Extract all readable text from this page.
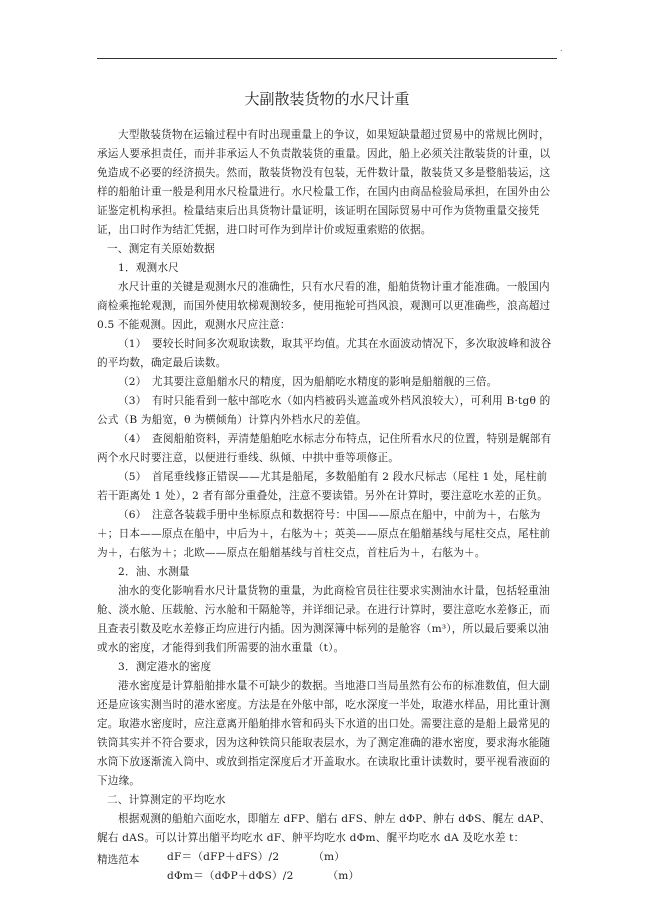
.
大副散装货物的水尺计重

大型散装货物在运输过程中有时出现重量上的争议，如果短缺量超过贸易中的常规比例时，承运人要承担责任，而并非承运人不负责散装货的重量。因此，船上必须关注散装货的计重，以免造成不必要的经济损失。然而，散装货物没有包装，无件数计量，散装货又多是整船装运，这样的船舶计重一般是利用水尺检量进行。水尺检量工作，在国内由商品检验局承担，在国外由公证鉴定机构承担。检量结束后出具货物计量证明，该证明在国际贸易中可作为货物重量交接凭证，出口时作为结汇凭据，进口时可作为到岸计价或短重索赔的依据。

一、测定有关原始数据

1．观测水尺

水尺计重的关键是观测水尺的准确性，只有水尺看的准，船舶货物计重才能准确。一般国内商检乘拖轮观测，而国外使用软梯观测较多，使用拖轮可挡风浪，观测可以更准确些，浪高超过 0.5 不能观测。因此，观测水尺应注意：

（1）　要较长时间多次观取读数，取其平均值。尤其在水面波动情况下，多次取波峰和波谷的平均数，确定最后读数。

（2）　尤其要注意船艏水尺的精度，因为船艄吃水精度的影响是船艏舰的三倍。

（3）　有时只能看到一舷中部吃水（如内档被码头遮盖或外档风浪较大），可利用 B·tgθ 的公式（B 为船宽，θ 为横倾角）计算内外档水尺的差值。

（4）　查阅船舶资料，弄清楚船舶吃水标志分布特点，记住所看水尺的位置，特别是艉部有两个水尺时要注意，以便进行垂线、纵倾、中拱中垂等项修正。

（5）　首尾垂线修正错误——尤其是船尾，多数船舶有 2 段水尺标志（尾柱 1 处，尾柱前若干距离处 1 处），2 者有部分重叠处，注意不要读错。另外在计算时，要注意吃水差的正负。

（6）　注意各装载手册中坐标原点和数据符号：中国——原点在船中，中前为＋，右舷为＋；日本——原点在船中，中后为＋，右舷为＋；英美——原点在船艏基线与尾柱交点，尾柱前为＋，右舷为＋；北欧——原点在船艏基线与首柱交点，首柱后为＋，右舷为＋。

2．油、水测量

油水的变化影响看水尺计量货物的重量，为此商检官员往往要求实测油水计量，包括轻重油舱、淡水舱、压载舱、污水舱和干隔舱等，并详细记录。在进行计算时，要注意吃水差修正，而且查表引数及吃水差修正均应进行内插。因为测深簿中标列的是舱容（m³），所以最后要乘以油或水的密度，才能得到我们所需要的油水重量（t）。

3．测定港水的密度

港水密度是计算船舶排水量不可缺少的数据。当地港口当局虽然有公布的标准数值，但大副还是应该实测当时的港水密度。方法是在外舷中部，吃水深度一半处，取港水样品，用比重计测定。取港水密度时，应注意离开船舶排水管和码头下水道的出口处。需要注意的是船上最常见的铁筒其实并不符合要求，因为这种铁筒只能取表层水，为了测定准确的港水密度，要求海水能随水筒下放逐渐流入筒中、或放到指定深度后才开盖取水。在读取比重计读数时，要平视看液面的下边缘。

二、计算测定的平均吃水

根据观测的船舶六面吃水，即艏左 dFP、艏右 dFS、舯左 dΦP、舯右 dΦS、艉左 dAP、艉右 dAS。可以计算出艏平均吃水 dF、舯平均吃水 dΦm、艉平均吃水 dA 及吃水差 t：

dF＝（dFP＋dFS）/2	（m）

dΦm＝（dΦP＋dΦS）/2	（m）

精选范本
